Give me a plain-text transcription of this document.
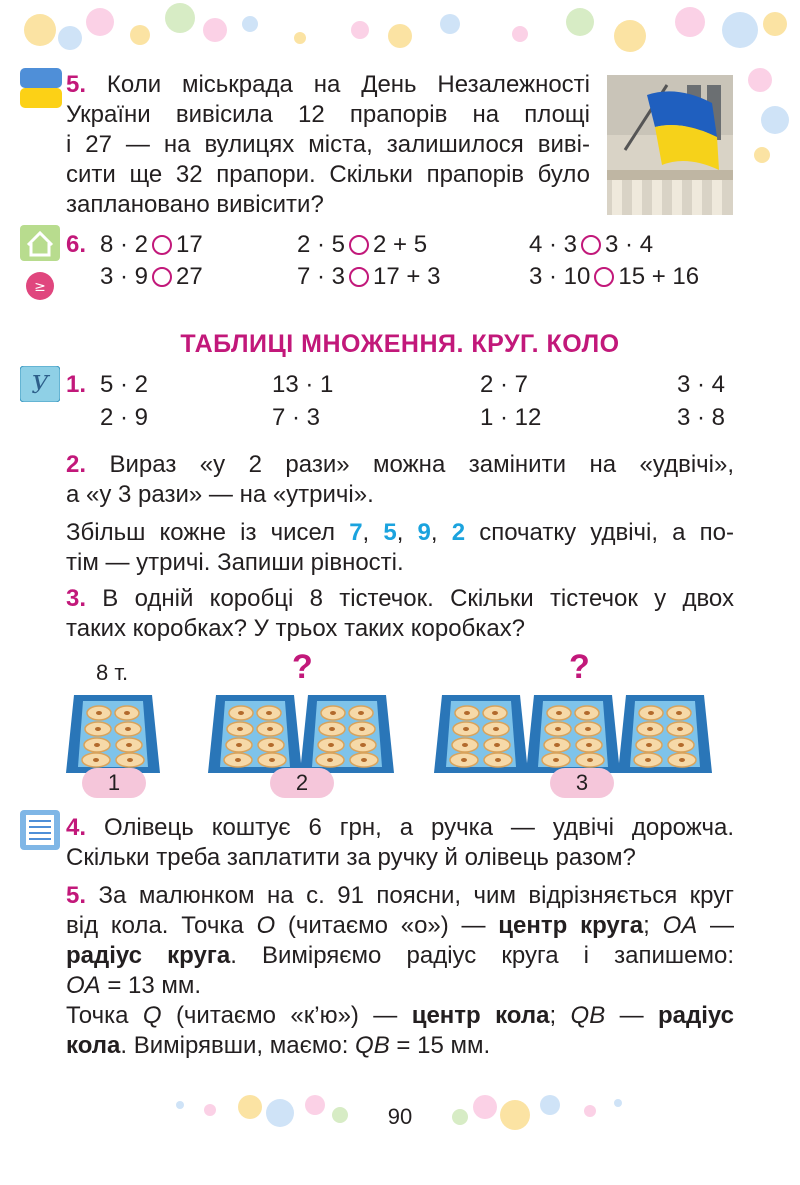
5. Коли міськрада на День Незалежності
України вивісила 12 прапорів на площі
і 27 — на вулицях міста, залишилося виві-
сити ще 32 прапори. Скільки прапорів було
заплановано вивісити?
≥
6. 8 · 2 17	2 · 5 2 + 5	4 · 3 3 · 4
3 · 9 27	7 · 3 17 + 3	3 · 10 15 + 16
ТАБЛИЦІ МНОЖЕННЯ. КРУГ. КОЛО
У 1. 5 · 2	13 · 1	2 · 7	3 · 4
2 · 9	7 · 3	1 · 12	3 · 8
2. Вираз «у 2 рази» можна замінити на «удвічі»,
а «у 3 рази» — на «утричі».
Збільш кожне із чисел 7, 5, 9, 2 спочатку удвічі, а по-
тім — утричі. Запиши рівності.
3. В одній коробці 8 тістечок. Скільки тістечок у двох
таких коробках? У трьох таких коробках?
8 т.	?	?
1	2	3
4. Олівець коштує 6 грн, а ручка — удвічі дорожча.
Скільки треба заплатити за ручку й олівець разом?
5. За малюнком на с. 91 поясни, чим відрізняється круг
від кола. Точка O (читаємо «о») — центр круга; OA —
радіус круга. Виміряємо радіус круга і запишемо:
OA = 13 мм.
Точка Q (читаємо «к’ю») — центр кола; QB — радіус
кола. Вимірявши, маємо: QB = 15 мм.
90
